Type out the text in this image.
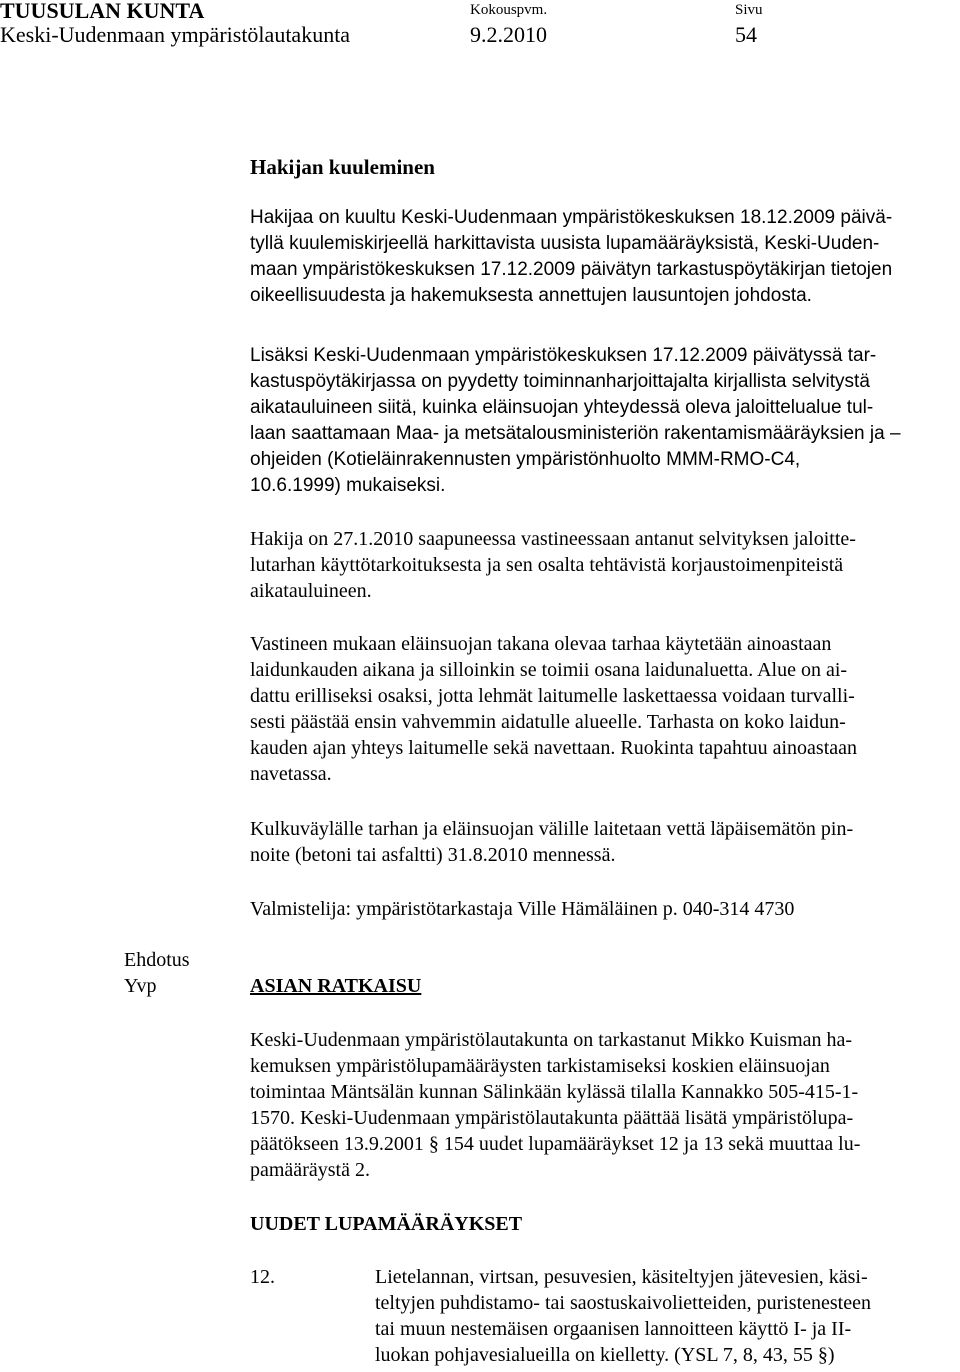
TUUSULAN KUNTA
Keski-Uudenmaan ympäristölautakunta
Kokouspvm.
9.2.2010
Sivu
54
Hakijan kuuleminen

Hakijaa on kuultu Keski-Uudenmaan ympäristökeskuksen 18.12.2009 päivä-

tyllä kuulemiskirjeellä harkittavista uusista lupamääräyksistä, Keski-Uuden-

maan ympäristökeskuksen 17.12.2009 päivätyn tarkastuspöytäkirjan tietojen

oikeellisuudesta ja hakemuksesta annettujen lausuntojen johdosta.

Lisäksi Keski-Uudenmaan ympäristökeskuksen 17.12.2009 päivätyssä tar-

kastuspöytäkirjassa on pyydetty toiminnanharjoittajalta kirjallista selvitystä

aikatauluineen siitä, kuinka eläinsuojan yhteydessä oleva jaloittelualue tul-

laan saattamaan Maa- ja metsätalousministeriön rakentamismääräyksien ja –

ohjeiden (Kotieläinrakennusten ympäristönhuolto MMM-RMO-C4,

10.6.1999) mukaiseksi.

Hakija on 27.1.2010 saapuneessa vastineessaan antanut selvityksen jaloitte-

lutarhan käyttötarkoituksesta ja sen osalta tehtävistä korjaustoimenpiteistä

aikatauluineen.

Vastineen mukaan eläinsuojan takana olevaa tarhaa käytetään ainoastaan

laidunkauden aikana ja silloinkin se toimii osana laidunaluetta. Alue on ai-

dattu erilliseksi osaksi, jotta lehmät laitumelle laskettaessa voidaan turvalli-

sesti päästää ensin vahvemmin aidatulle alueelle. Tarhasta on koko laidun-

kauden ajan yhteys laitumelle sekä navettaan. Ruokinta tapahtuu ainoastaan

navetassa.

Kulkuväylälle tarhan ja eläinsuojan välille laitetaan vettä läpäisemätön pin-

noite (betoni tai asfaltti) 31.8.2010 mennessä.

Valmistelija: ympäristötarkastaja Ville Hämäläinen p. 040-314 4730
Ehdotus
Yvp	ASIAN RATKAISU

Keski-Uudenmaan ympäristölautakunta on tarkastanut Mikko Kuisman ha-

kemuksen ympäristölupamääräysten tarkistamiseksi koskien eläinsuojan

toimintaa Mäntsälän kunnan Sälinkään kylässä tilalla Kannakko 505-415-1-

1570. Keski-Uudenmaan ympäristölautakunta päättää lisätä ympäristölupa-

päätökseen 13.9.2001 § 154 uudet lupamääräykset 12 ja 13 sekä muuttaa lu-

pamääräystä 2.

UUDET LUPAMÄÄRÄYKSET
12.	Lietelannan, virtsan, pesuvesien, käsiteltyjen jätevesien, käsi-
teltyjen puhdistamo- tai saostuskaivolietteiden, puristenesteen
tai muun nestemäisen orgaanisen lannoitteen käyttö I- ja II-
luokan pohjavesialueilla on kielletty. (YSL 7, 8, 43, 55 §)
